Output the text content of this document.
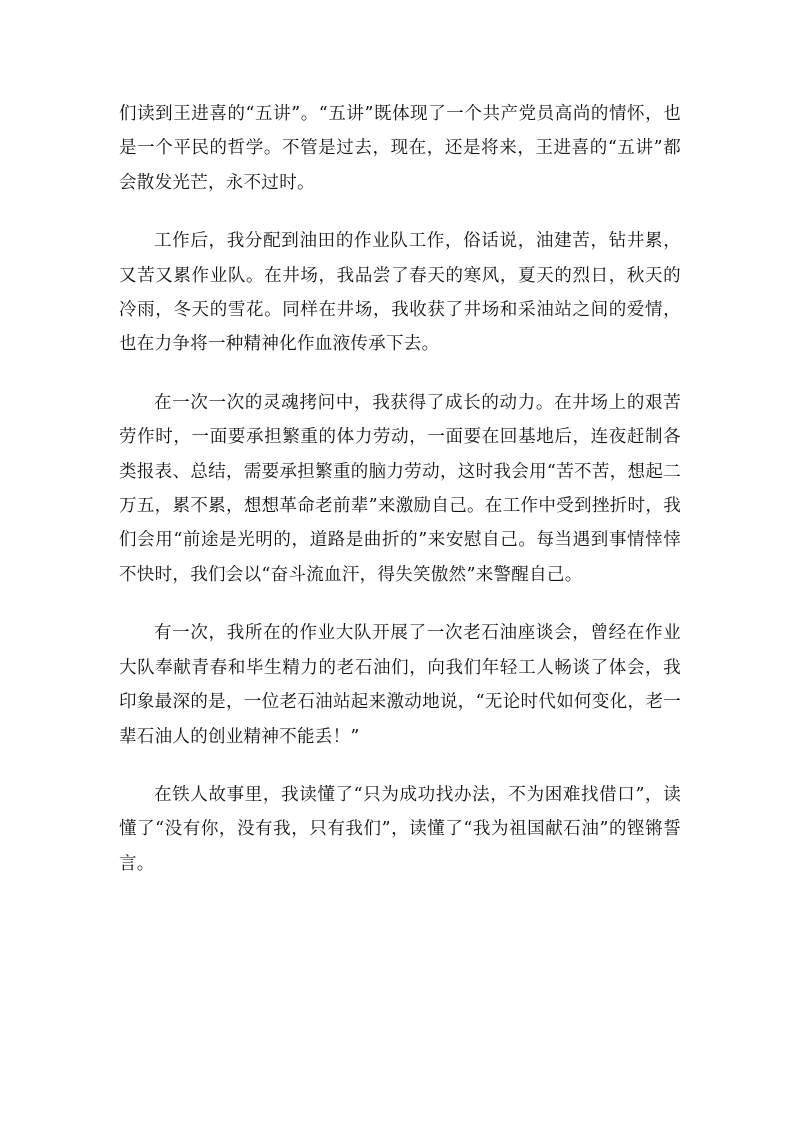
们读到王进喜的“五讲”。“五讲”既体现了一个共产党员高尚的情怀，也是一个平民的哲学。不管是过去，现在，还是将来，王进喜的“五讲”都会散发光芒，永不过时。

工作后，我分配到油田的作业队工作，俗话说，油建苦，钻井累，又苦又累作业队。在井场，我品尝了春天的寒风，夏天的烈日，秋天的冷雨，冬天的雪花。同样在井场，我收获了井场和采油站之间的爱情，也在力争将一种精神化作血液传承下去。

在一次一次的灵魂拷问中，我获得了成长的动力。在井场上的艰苦劳作时，一面要承担繁重的体力劳动，一面要在回基地后，连夜赶制各类报表、总结，需要承担繁重的脑力劳动，这时我会用“苦不苦，想起二万五，累不累，想想革命老前辈”来激励自己。在工作中受到挫折时，我们会用“前途是光明的，道路是曲折的”来安慰自己。每当遇到事情悻悻不快时，我们会以“奋斗流血汗，得失笑傲然”来警醒自己。

有一次，我所在的作业大队开展了一次老石油座谈会，曾经在作业大队奉献青春和毕生精力的老石油们，向我们年轻工人畅谈了体会，我印象最深的是，一位老石油站起来激动地说，“无论时代如何变化，老一辈石油人的创业精神不能丢！”

在铁人故事里，我读懂了“只为成功找办法，不为困难找借口”，读懂了“没有你，没有我，只有我们”，读懂了“我为祖国献石油”的铿锵誓言。
